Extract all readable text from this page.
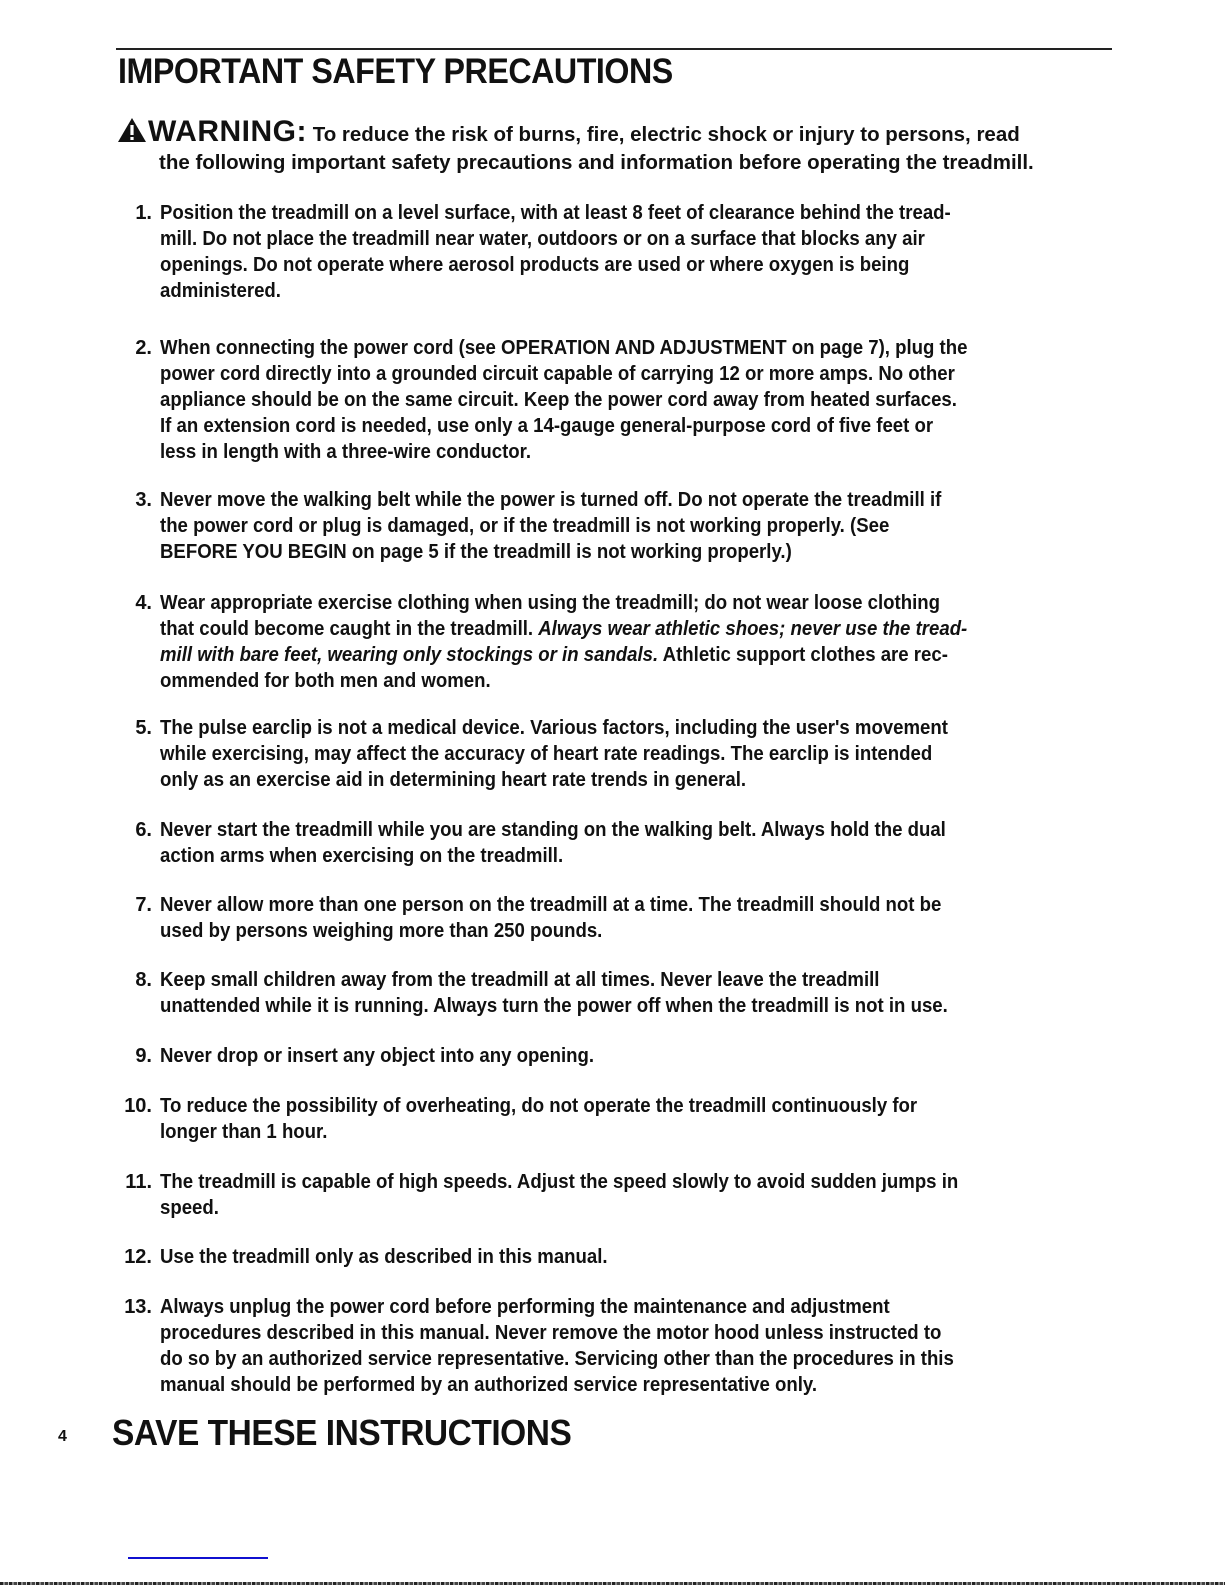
IMPORTANT SAFETY PRECAUTIONS
WARNING: To reduce the risk of burns, fire, electric shock or injury to persons, read
the following important safety precautions and information before operating the treadmill.
1. Position the treadmill on a level surface, with at least 8 feet of clearance behind the tread-
mill. Do not place the treadmill near water, outdoors or on a surface that blocks any air
openings. Do not operate where aerosol products are used or where oxygen is being
administered.
2. When connecting the power cord (see OPERATION AND ADJUSTMENT on page 7), plug the
power cord directly into a grounded circuit capable of carrying 12 or more amps. No other
appliance should be on the same circuit. Keep the power cord away from heated surfaces.
If an extension cord is needed, use only a 14-gauge general-purpose cord of five feet or
less in length with a three-wire conductor.
3. Never move the walking belt while the power is turned off. Do not operate the treadmill if
the power cord or plug is damaged, or if the treadmill is not working properly. (See
BEFORE YOU BEGIN on page 5 if the treadmill is not working properly.)
4. Wear appropriate exercise clothing when using the treadmill; do not wear loose clothing
that could become caught in the treadmill. Always wear athletic shoes; never use the tread-
mill with bare feet, wearing only stockings or in sandals. Athletic support clothes are rec-
ommended for both men and women.
5. The pulse earclip is not a medical device. Various factors, including the user's movement
while exercising, may affect the accuracy of heart rate readings. The earclip is intended
only as an exercise aid in determining heart rate trends in general.
6. Never start the treadmill while you are standing on the walking belt. Always hold the dual
action arms when exercising on the treadmill.
7. Never allow more than one person on the treadmill at a time. The treadmill should not be
used by persons weighing more than 250 pounds.
8. Keep small children away from the treadmill at all times. Never leave the treadmill
unattended while it is running. Always turn the power off when the treadmill is not in use.
9. Never drop or insert any object into any opening.
10. To reduce the possibility of overheating, do not operate the treadmill continuously for
longer than 1 hour.
11. The treadmill is capable of high speeds. Adjust the speed slowly to avoid sudden jumps in
speed.
12. Use the treadmill only as described in this manual.
13. Always unplug the power cord before performing the maintenance and adjustment
procedures described in this manual. Never remove the motor hood unless instructed to
do so by an authorized service representative. Servicing other than the procedures in this
manual should be performed by an authorized service representative only.
4 SAVE THESE INSTRUCTIONS
